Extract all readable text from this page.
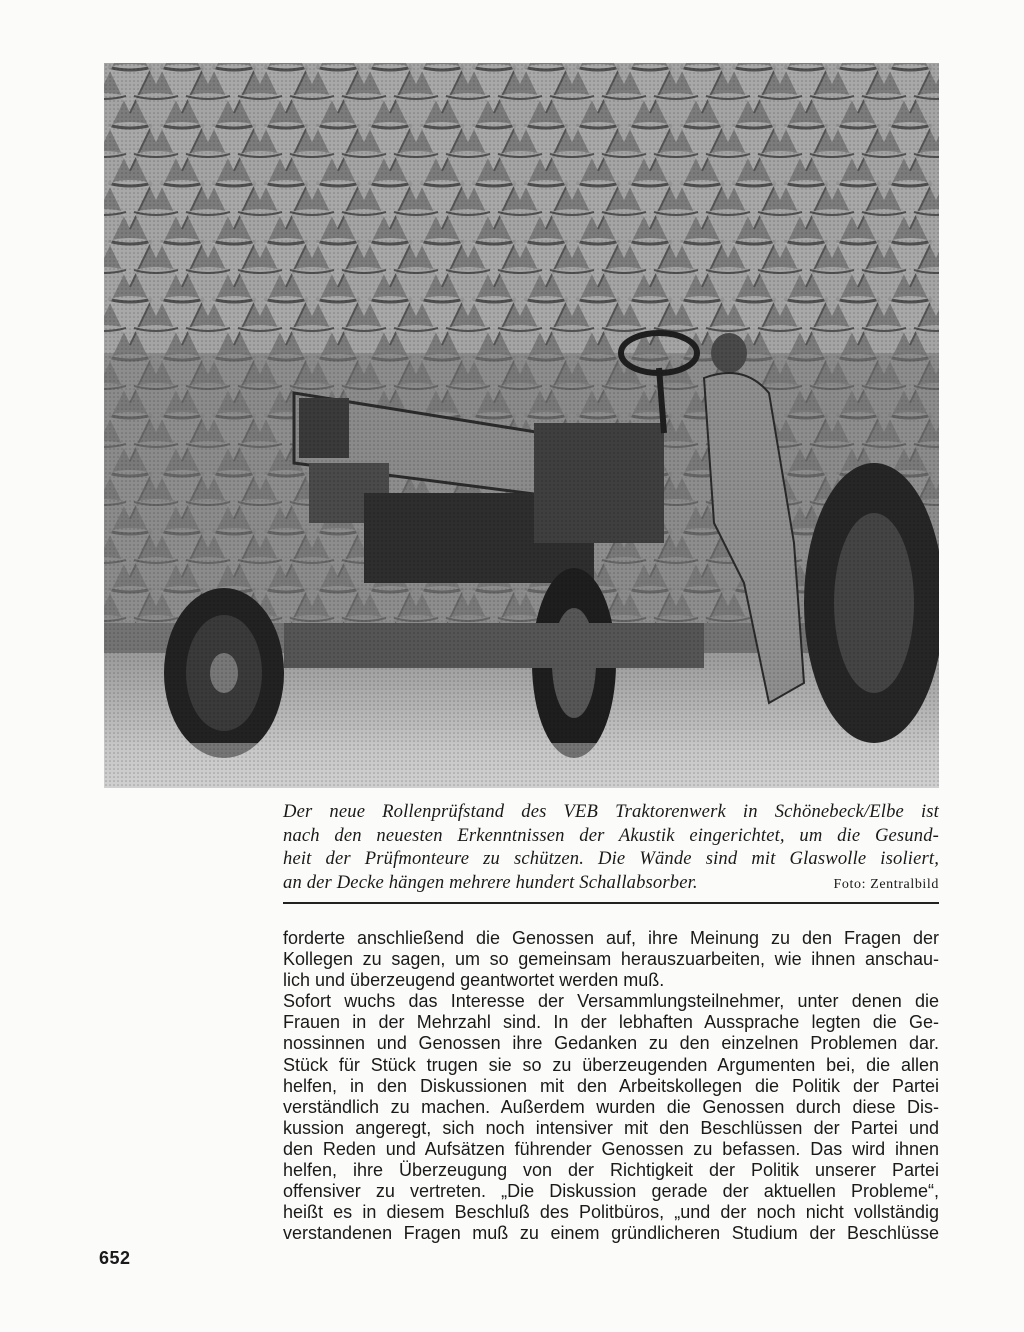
Der neue Rollenprüfstand des VEB Traktorenwerk in Schönebeck/Elbe ist
nach den neuesten Erkenntnissen der Akustik eingerichtet, um die Gesund-
heit der Prüfmonteure zu schützen. Die Wände sind mit Glaswolle isoliert,
an der Decke hängen mehrere hundert Schallabsorber.	Foto: Zentralbild
forderte anschließend die Genossen auf, ihre Meinung zu den Fragen der
Kollegen zu sagen, um so gemeinsam herauszuarbeiten, wie ihnen anschau-
lich und überzeugend geantwortet werden muß.
Sofort wuchs das Interesse der Versammlungsteilnehmer, unter denen die
Frauen in der Mehrzahl sind. In der lebhaften Aussprache legten die Ge-
nossinnen und Genossen ihre Gedanken zu den einzelnen Problemen dar.
Stück für Stück trugen sie so zu überzeugenden Argumenten bei, die allen
helfen, in den Diskussionen mit den Arbeitskollegen die Politik der Partei
verständlich zu machen. Außerdem wurden die Genossen durch diese Dis-
kussion angeregt, sich noch intensiver mit den Beschlüssen der Partei und
den Reden und Aufsätzen führender Genossen zu befassen. Das wird ihnen
helfen, ihre Überzeugung von der Richtigkeit der Politik unserer Partei
offensiver zu vertreten. „Die Diskussion gerade der aktuellen Probleme“,
heißt es in diesem Beschluß des Politbüros, „und der noch nicht vollständig
verstandenen Fragen muß zu einem gründlicheren Studium der Beschlüsse
652
